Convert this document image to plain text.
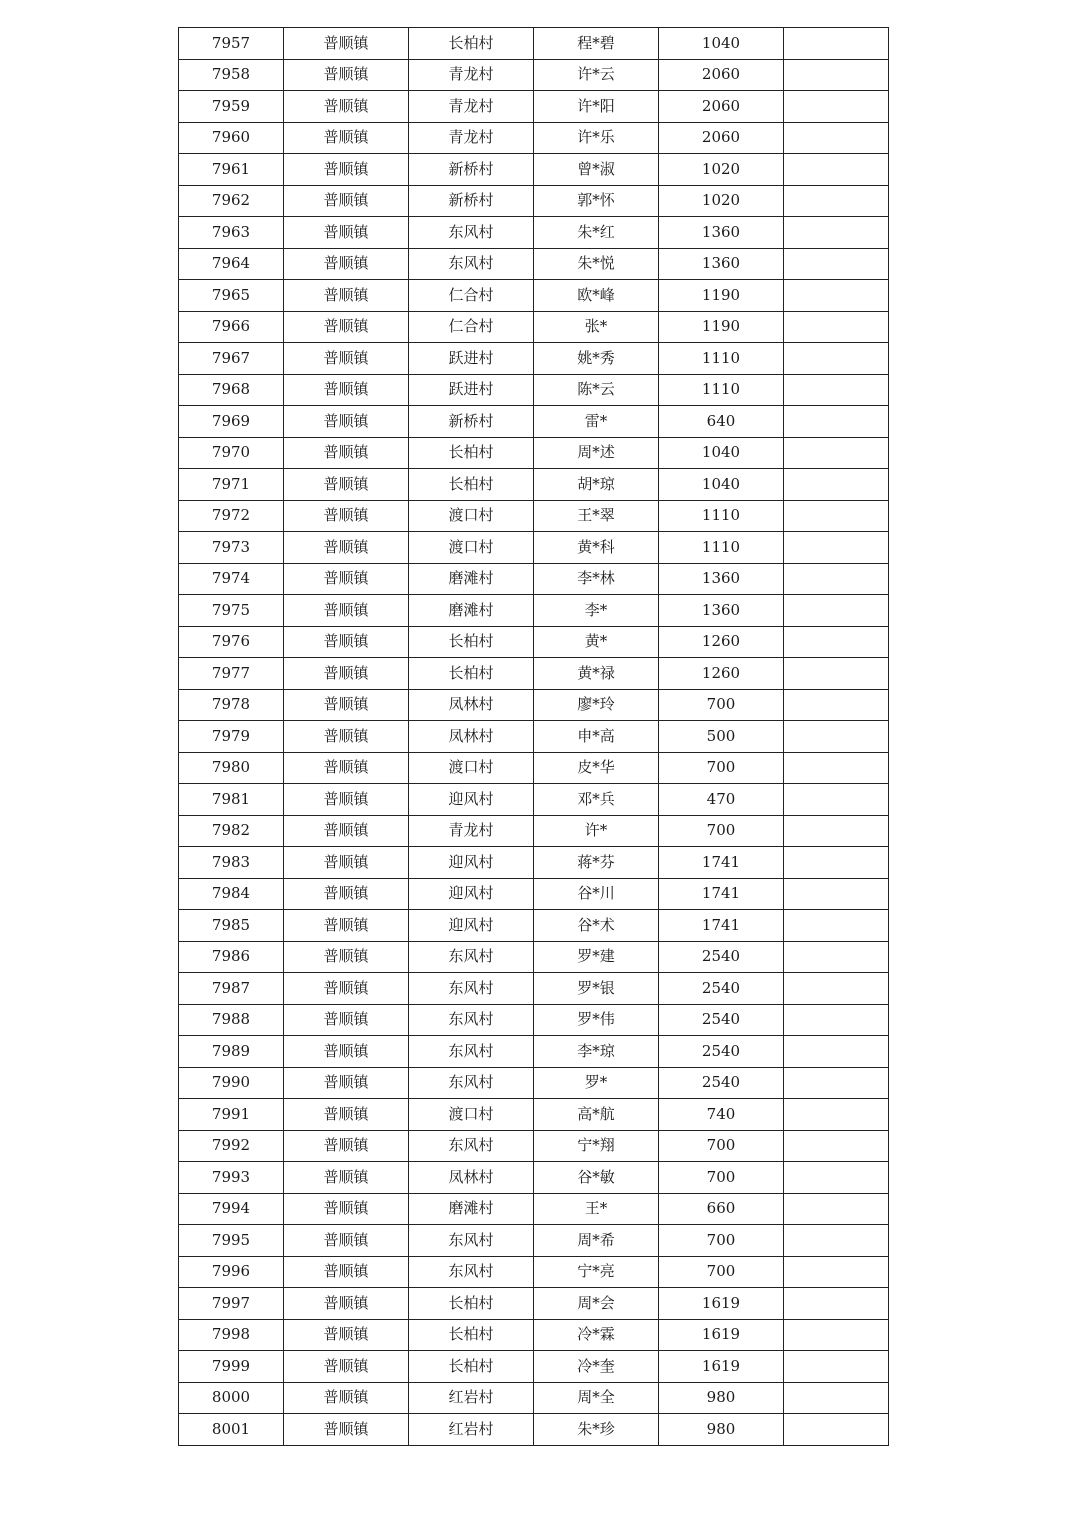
7957	普顺镇	长柏村	程*碧	1040	
7958	普顺镇	青龙村	许*云	2060	
7959	普顺镇	青龙村	许*阳	2060	
7960	普顺镇	青龙村	许*乐	2060	
7961	普顺镇	新桥村	曾*淑	1020	
7962	普顺镇	新桥村	郭*怀	1020	
7963	普顺镇	东风村	朱*红	1360	
7964	普顺镇	东风村	朱*悦	1360	
7965	普顺镇	仁合村	欧*峰	1190	
7966	普顺镇	仁合村	张*	1190	
7967	普顺镇	跃进村	姚*秀	1110	
7968	普顺镇	跃进村	陈*云	1110	
7969	普顺镇	新桥村	雷*	640	
7970	普顺镇	长柏村	周*述	1040	
7971	普顺镇	长柏村	胡*琼	1040	
7972	普顺镇	渡口村	王*翠	1110	
7973	普顺镇	渡口村	黄*科	1110	
7974	普顺镇	磨滩村	李*林	1360	
7975	普顺镇	磨滩村	李*	1360	
7976	普顺镇	长柏村	黄*	1260	
7977	普顺镇	长柏村	黄*禄	1260	
7978	普顺镇	凤林村	廖*玲	700	
7979	普顺镇	凤林村	申*高	500	
7980	普顺镇	渡口村	皮*华	700	
7981	普顺镇	迎风村	邓*兵	470	
7982	普顺镇	青龙村	许*	700	
7983	普顺镇	迎风村	蒋*芬	1741	
7984	普顺镇	迎风村	谷*川	1741	
7985	普顺镇	迎风村	谷*术	1741	
7986	普顺镇	东风村	罗*建	2540	
7987	普顺镇	东风村	罗*银	2540	
7988	普顺镇	东风村	罗*伟	2540	
7989	普顺镇	东风村	李*琼	2540	
7990	普顺镇	东风村	罗*	2540	
7991	普顺镇	渡口村	高*航	740	
7992	普顺镇	东风村	宁*翔	700	
7993	普顺镇	凤林村	谷*敏	700	
7994	普顺镇	磨滩村	王*	660	
7995	普顺镇	东风村	周*希	700	
7996	普顺镇	东风村	宁*亮	700	
7997	普顺镇	长柏村	周*会	1619	
7998	普顺镇	长柏村	冷*霖	1619	
7999	普顺镇	长柏村	冷*奎	1619	
8000	普顺镇	红岩村	周*全	980	
8001	普顺镇	红岩村	朱*珍	980	
